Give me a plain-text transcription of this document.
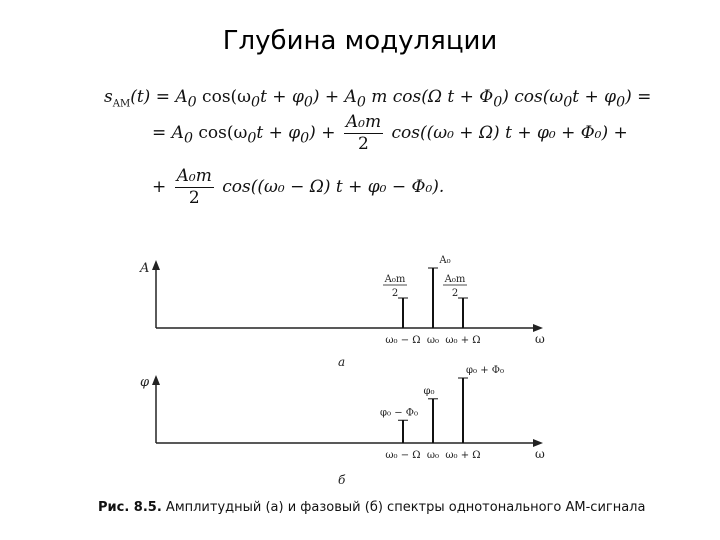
Глубина модуляции
$s_{AM}(t) = A_0$ $\cos(\omega_0t + \varphi_0) + A_0$ m cos(Ω $t + \Phi_0$) $\cos(\omega_0t + \varphi_0)$ =
= $A_0$ $\cos(\omega_0t + \varphi_0) + \frac{\text{A₀m}}{2} \cos((\omega_0 + \Omega) t + \varphi_0 + \Phi_0)$ +
+ $\frac{\text{A₀m}}{2} \cos((\omega_0 - \Omega) t + \varphi_0 - \Phi_0)$.
A
ω
а
ω₀ − Ω
A₀m
2
ω₀
A₀
ω₀ + Ω
A₀m
2
φ
ω
б
ω₀ − Ω
φ₀ − Φ₀
ω₀
φ₀
ω₀ + Ω
φ₀ + Φ₀
Рис. 8.5. Амплитудный (а) и фазовый (б) спектры однотонального АМ-сигнала
